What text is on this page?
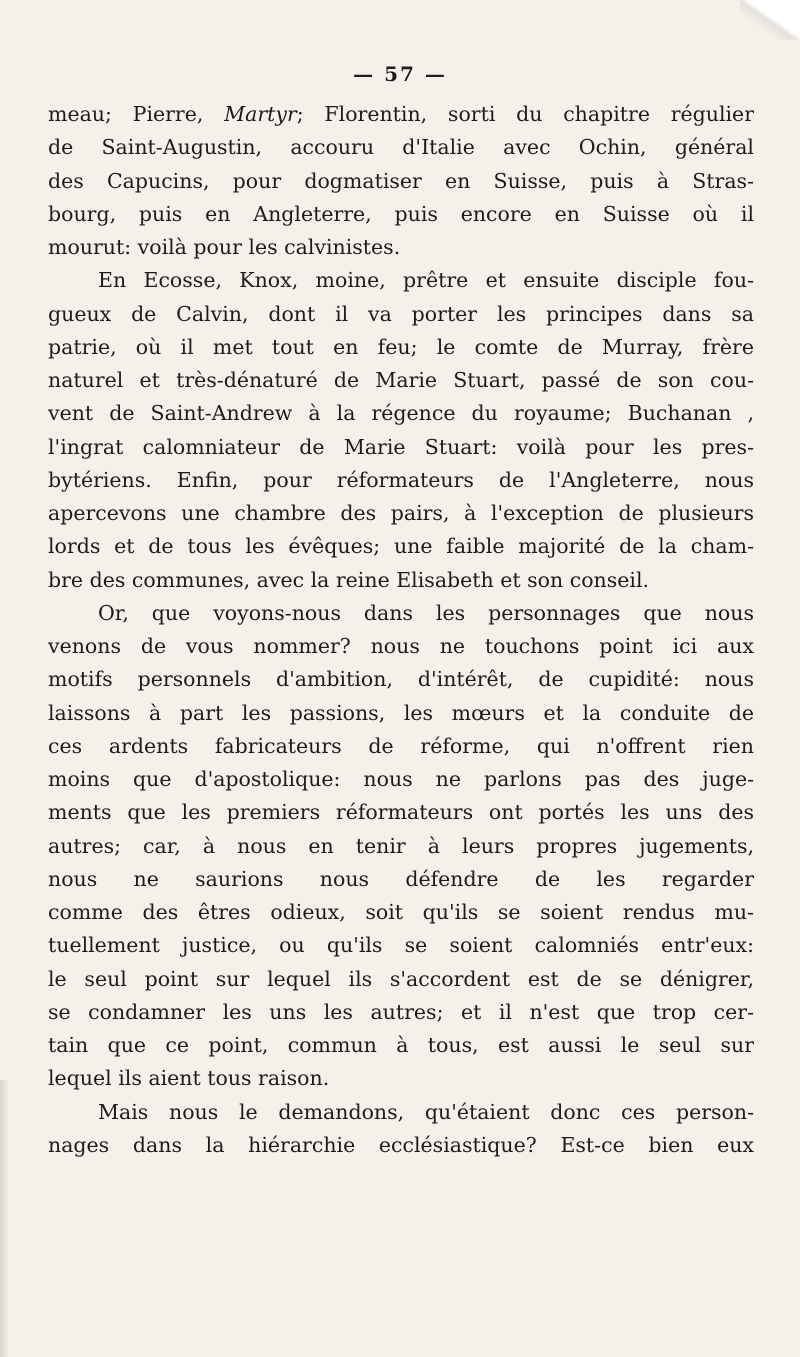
— 57 —
meau; Pierre, Martyr; Florentin, sorti du chapitre régulier
de Saint-Augustin, accouru d'Italie avec Ochin, général
des Capucins, pour dogmatiser en Suisse, puis à Stras-
bourg, puis en Angleterre, puis encore en Suisse où il
mourut: voilà pour les calvinistes.
En Ecosse, Knox, moine, prêtre et ensuite disciple fou-
gueux de Calvin, dont il va porter les principes dans sa
patrie, où il met tout en feu; le comte de Murray, frère
naturel et très-dénaturé de Marie Stuart, passé de son cou-
vent de Saint-Andrew à la régence du royaume; Buchanan ,
l'ingrat calomniateur de Marie Stuart: voilà pour les pres-
bytériens. Enfin, pour réformateurs de l'Angleterre, nous
apercevons une chambre des pairs, à l'exception de plusieurs
lords et de tous les évêques; une faible majorité de la cham-
bre des communes, avec la reine Elisabeth et son conseil.
Or, que voyons-nous dans les personnages que nous
venons de vous nommer? nous ne touchons point ici aux
motifs personnels d'ambition, d'intérêt, de cupidité: nous
laissons à part les passions, les mœurs et la conduite de
ces ardents fabricateurs de réforme, qui n'offrent rien
moins que d'apostolique: nous ne parlons pas des juge-
ments que les premiers réformateurs ont portés les uns des
autres; car, à nous en tenir à leurs propres jugements,
nous ne saurions nous défendre de les regarder
comme des êtres odieux, soit qu'ils se soient rendus mu-
tuellement justice, ou qu'ils se soient calomniés entr'eux:
le seul point sur lequel ils s'accordent est de se dénigrer,
se condamner les uns les autres; et il n'est que trop cer-
tain que ce point, commun à tous, est aussi le seul sur
lequel ils aient tous raison.
Mais nous le demandons, qu'étaient donc ces person-
nages dans la hiérarchie ecclésiastique? Est-ce bien eux
